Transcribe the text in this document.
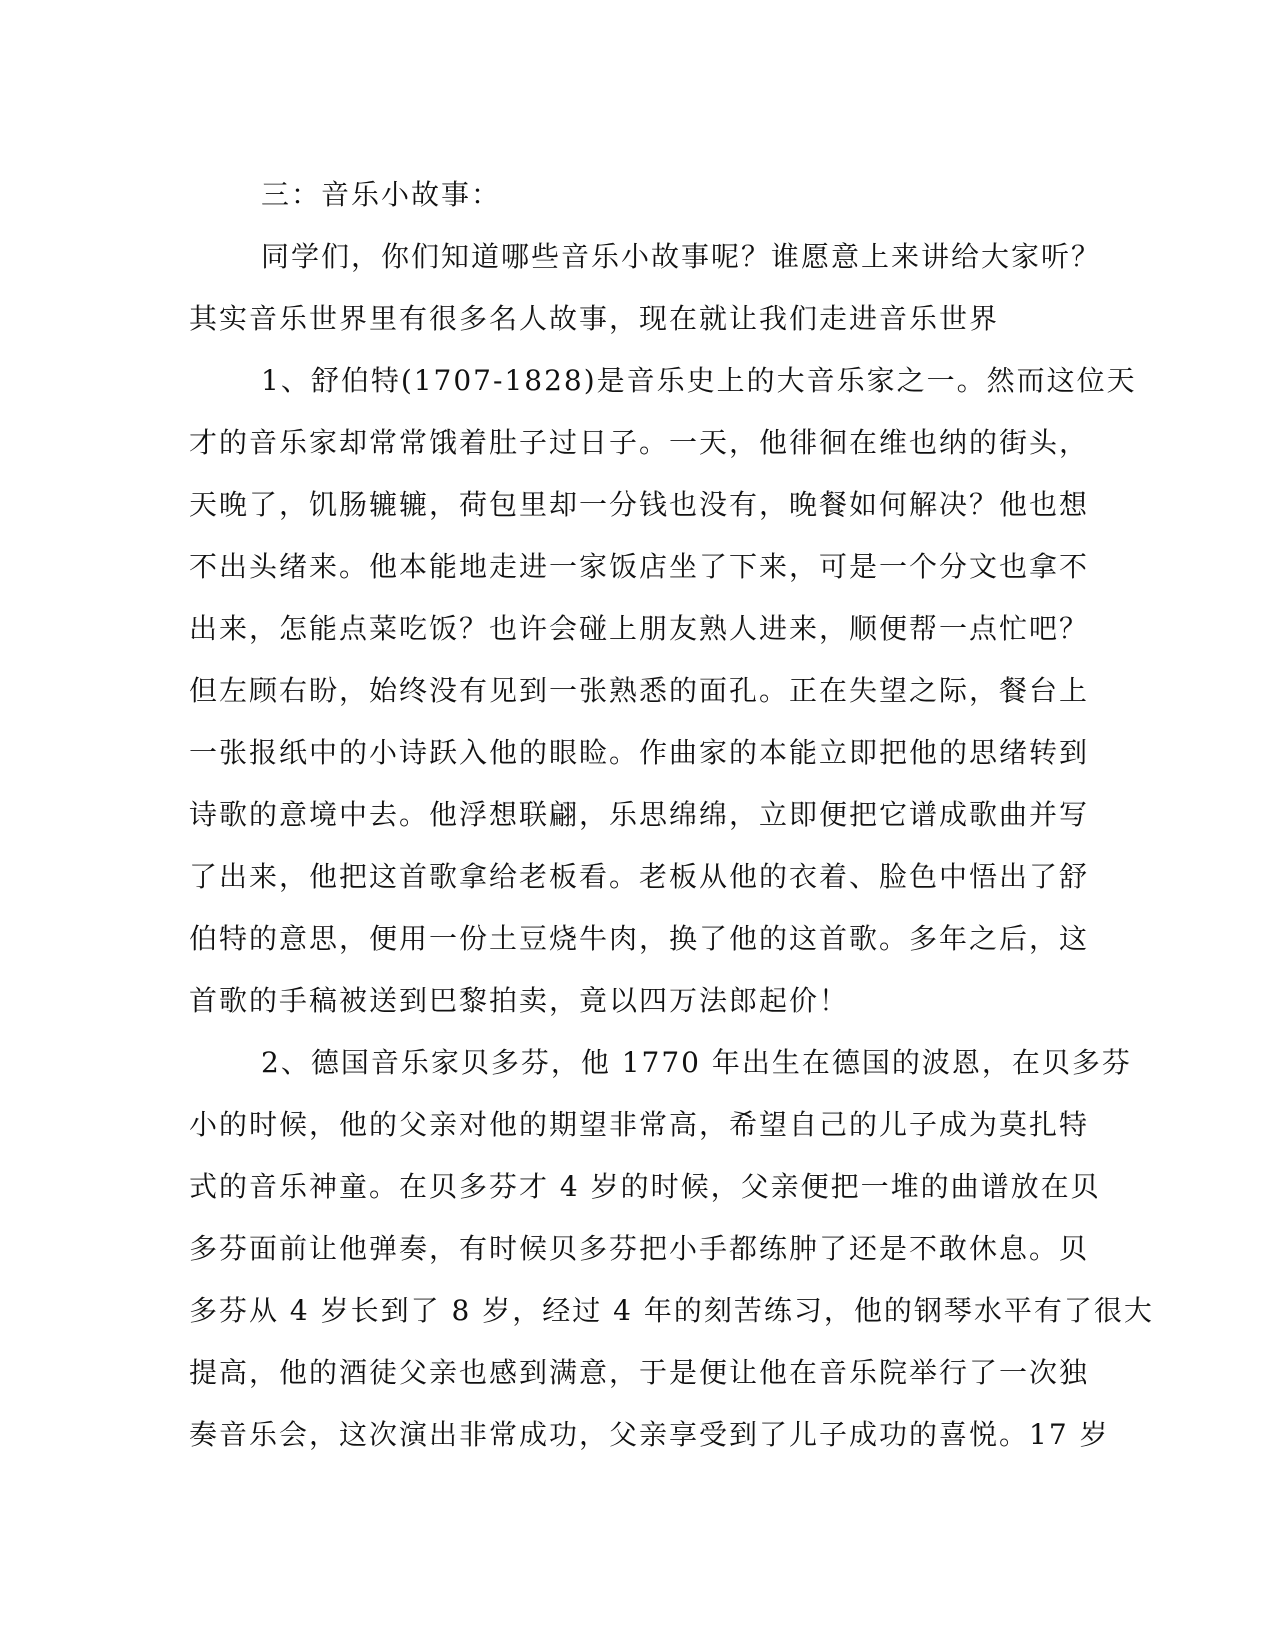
三：音乐小故事：
同学们，你们知道哪些音乐小故事呢？谁愿意上来讲给大家听？
其实音乐世界里有很多名人故事，现在就让我们走进音乐世界
1、舒伯特(1707-1828)是音乐史上的大音乐家之一。然而这位天
才的音乐家却常常饿着肚子过日子。一天，他徘徊在维也纳的街头，
天晚了，饥肠辘辘，荷包里却一分钱也没有，晚餐如何解决？他也想
不出头绪来。他本能地走进一家饭店坐了下来，可是一个分文也拿不
出来，怎能点菜吃饭？也许会碰上朋友熟人进来，顺便帮一点忙吧？
但左顾右盼，始终没有见到一张熟悉的面孔。正在失望之际，餐台上
一张报纸中的小诗跃入他的眼睑。作曲家的本能立即把他的思绪转到
诗歌的意境中去。他浮想联翩，乐思绵绵，立即便把它谱成歌曲并写
了出来，他把这首歌拿给老板看。老板从他的衣着、脸色中悟出了舒
伯特的意思，便用一份土豆烧牛肉，换了他的这首歌。多年之后，这
首歌的手稿被送到巴黎拍卖，竟以四万法郎起价！
2、德国音乐家贝多芬，他 1770 年出生在德国的波恩，在贝多芬
小的时候，他的父亲对他的期望非常高，希望自己的儿子成为莫扎特
式的音乐神童。在贝多芬才 4 岁的时候，父亲便把一堆的曲谱放在贝
多芬面前让他弹奏，有时候贝多芬把小手都练肿了还是不敢休息。贝
多芬从 4 岁长到了 8 岁，经过 4 年的刻苦练习，他的钢琴水平有了很大
提高，他的酒徒父亲也感到满意，于是便让他在音乐院举行了一次独
奏音乐会，这次演出非常成功，父亲享受到了儿子成功的喜悦。17 岁
